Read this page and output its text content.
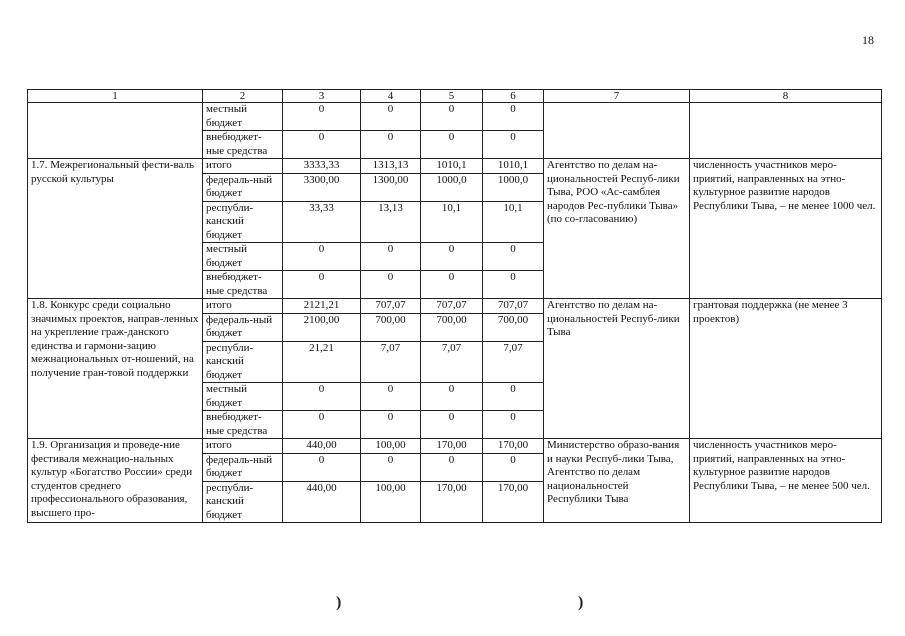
18
1	2	3	4	5	6	7	8
	местный бюджет	0	0	0	0		
	внебюджет-ные средства	0	0	0	0		
1.7. Межрегиональный фести-валь русской культуры	итого	3333,33	1313,13	1010,1	1010,1	Агентство по делам на-циональностей Респуб-лики Тыва, РОО «Ас-самблея народов Рес-публики Тыва» (по со-гласованию)	численность участников меро-приятий, направленных на этно-культурное развитие народов Республики Тыва, – не менее 1000 чел.
	федераль-ный бюджет	3300,00	1300,00	1000,0	1000,0		
	республи-канский бюджет	33,33	13,13	10,1	10,1		
	местный бюджет	0	0	0	0		
	внебюджет-ные средства	0	0	0	0		
1.8. Конкурс среди социально значимых проектов, направ-ленных на укрепление граж-данского единства и гармони-зацию межнациональных от-ношений, на получение гран-товой поддержки	итого	2121,21	707,07	707,07	707,07	Агентство по делам на-циональностей Респуб-лики Тыва	грантовая поддержка (не менее 3 проектов)
	федераль-ный бюджет	2100,00	700,00	700,00	700,00		
	республи-канский бюджет	21,21	7,07	7,07	7,07		
	местный бюджет	0	0	0	0		
	внебюджет-ные средства	0	0	0	0		
1.9. Организация и проведе-ние фестиваля межнацио-нальных культур «Богатство России» среди студентов среднего профессионального образования, высшего про-	итого	440,00	100,00	170,00	170,00	Министерство образо-вания и науки Респуб-лики Тыва, Агентство по делам национальностей Республики Тыва	численность участников меро-приятий, направленных на этно-культурное развитие народов Республики Тыва, – не менее 500 чел.
	федераль-ный бюджет	0	0	0	0		
	республи-канский бюджет	440,00	100,00	170,00	170,00		
)	)
